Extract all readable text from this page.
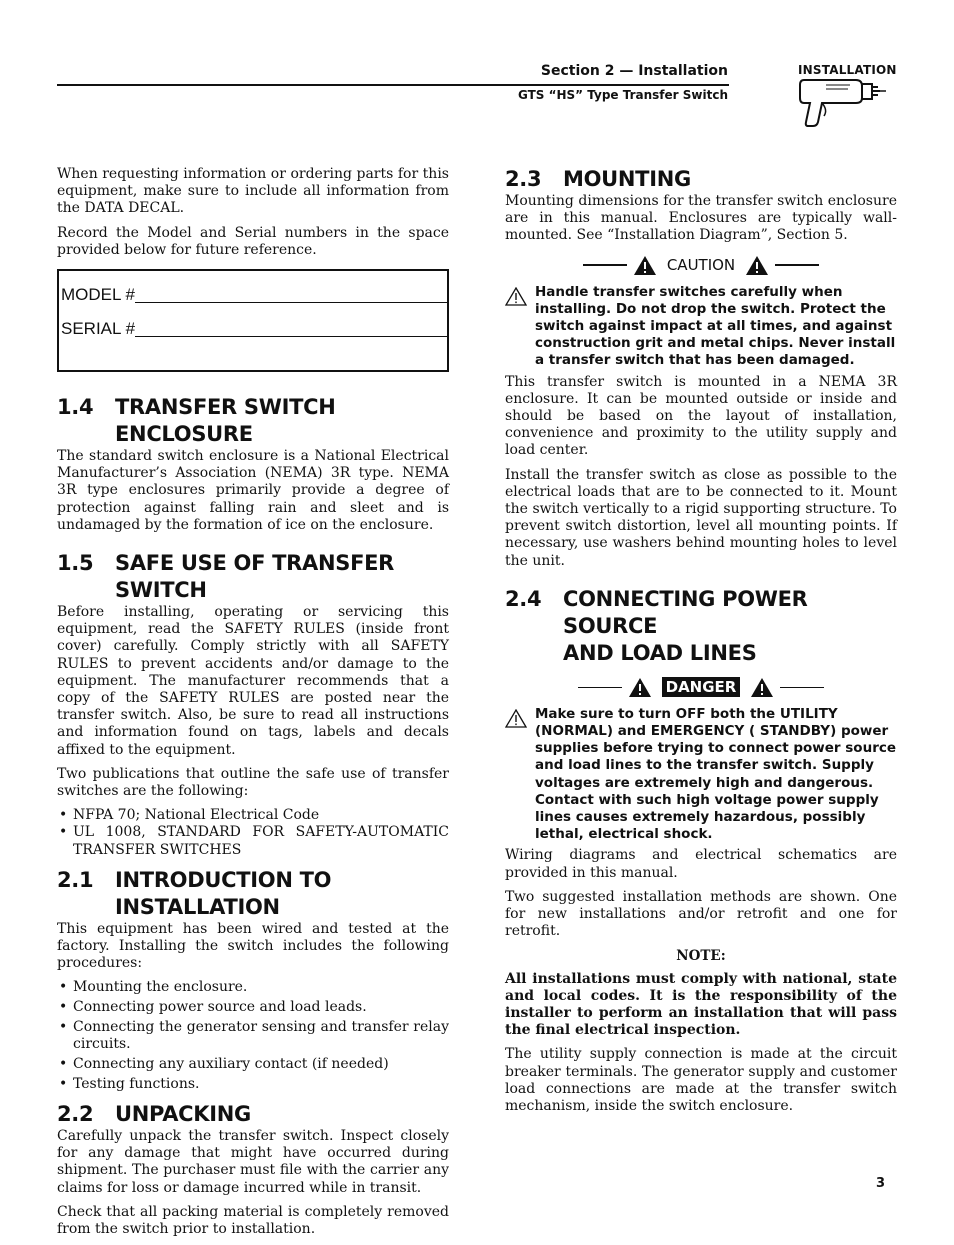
Section 2 — Installation
GTS “HS” Type Transfer Switch
INSTALLATION

When requesting information or ordering parts for this equipment, make sure to include all information from the DATA DECAL.

Record the Model and Serial numbers in the space provided below for future reference.

MODEL #
SERIAL #
1.4	TRANSFER SWITCH ENCLOSURE

The standard switch enclosure is a National Electrical Manufacturer’s Association (NEMA) 3R type. NEMA 3R type enclosures primarily provide a degree of protection against falling rain and sleet and is undamaged by the formation of ice on the enclosure.

1.5	SAFE USE OF TRANSFER SWITCH

Before installing, operating or servicing this equipment, read the SAFETY RULES (inside front cover) carefully. Comply strictly with all SAFETY RULES to prevent accidents and/or damage to the equipment. The manufacturer recommends that a copy of the SAFETY RULES are posted near the transfer switch. Also, be sure to read all instructions and information found on tags, labels and decals affixed to the equipment.

Two publications that outline the safe use of transfer switches are the following:

• NFPA 70; National Electrical Code
• UL 1008, STANDARD FOR SAFETY-AUTOMATIC TRANSFER SWITCHES
2.1	INTRODUCTION TO INSTALLATION

This equipment has been wired and tested at the factory. Installing the switch includes the following procedures:

• Mounting the enclosure.
• Connecting power source and load leads.
• Connecting the generator sensing and transfer relay circuits.
• Connecting any auxiliary contact (if needed)
• Testing functions.
2.2	UNPACKING

Carefully unpack the transfer switch. Inspect closely for any damage that might have occurred during shipment. The purchaser must file with the carrier any claims for loss or damage incurred while in transit.

Check that all packing material is completely removed from the switch prior to installation.

2.3	MOUNTING

Mounting dimensions for the transfer switch enclosure are in this manual. Enclosures are typically wall-mounted. See “Installation Diagram”, Section 5.

CAUTION
Handle transfer switches carefully when installing. Do not drop the switch. Protect the switch against impact at all times, and against construction grit and metal chips. Never install a transfer switch that has been damaged.

This transfer switch is mounted in a NEMA 3R enclosure. It can be mounted outside or inside and should be based on the layout of installation, convenience and proximity to the utility supply and load center.

Install the transfer switch as close as possible to the electrical loads that are to be connected to it. Mount the switch vertically to a rigid supporting structure. To prevent switch distortion, level all mounting points. If necessary, use washers behind mounting holes to level the unit.

2.4	CONNECTING POWER SOURCE
AND LOAD LINES
DANGER
Make sure to turn OFF both the UTILITY (NORMAL) and EMERGENCY ( STANDBY) power supplies before trying to connect power source and load lines to the transfer switch. Supply voltages are extremely high and dangerous. Contact with such high voltage power supply lines causes extremely hazardous, possibly lethal, electrical shock.

Wiring diagrams and electrical schematics are provided in this manual.

Two suggested installation methods are shown. One for new installations and/or retrofit and one for retrofit.

NOTE:

All installations must comply with national, state and local codes. It is the responsibility of the installer to perform an installation that will pass the final electrical inspection.

The utility supply connection is made at the circuit breaker terminals. The generator supply and customer load connections are made at the transfer switch mechanism, inside the switch enclosure.

3
